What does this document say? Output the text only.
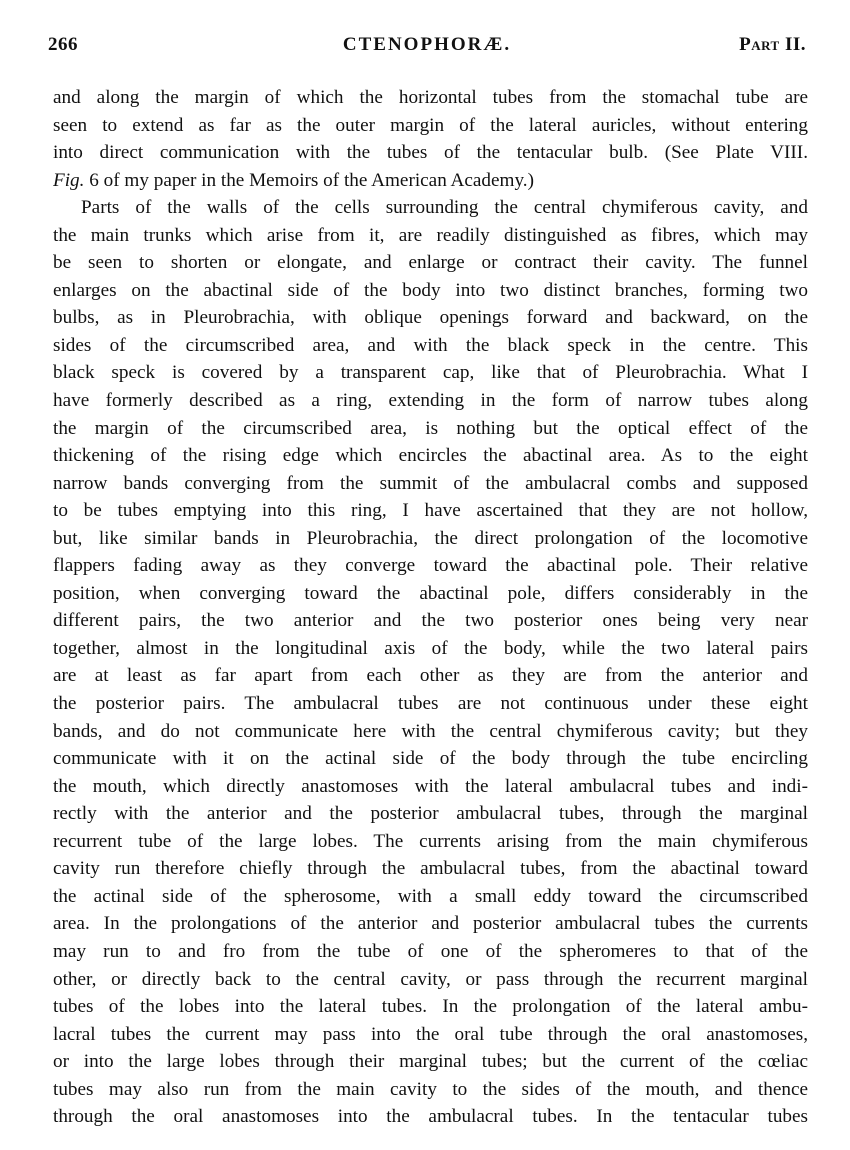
266	CTENOPHORÆ.	Part II.
and along the margin of which the horizontal tubes from the stomachal tube are
seen to extend as far as the outer margin of the lateral auricles, without entering
into direct communication with the tubes of the tentacular bulb. (See Plate VIII.
Fig. 6 of my paper in the Memoirs of the American Academy.)
Parts of the walls of the cells surrounding the central chymiferous cavity, and
the main trunks which arise from it, are readily distinguished as fibres, which may
be seen to shorten or elongate, and enlarge or contract their cavity. The funnel
enlarges on the abactinal side of the body into two distinct branches, forming two
bulbs, as in Pleurobrachia, with oblique openings forward and backward, on the
sides of the circumscribed area, and with the black speck in the centre. This
black speck is covered by a transparent cap, like that of Pleurobrachia. What I
have formerly described as a ring, extending in the form of narrow tubes along
the margin of the circumscribed area, is nothing but the optical effect of the
thickening of the rising edge which encircles the abactinal area. As to the eight
narrow bands converging from the summit of the ambulacral combs and supposed
to be tubes emptying into this ring, I have ascertained that they are not hollow,
but, like similar bands in Pleurobrachia, the direct prolongation of the locomotive
flappers fading away as they converge toward the abactinal pole. Their relative
position, when converging toward the abactinal pole, differs considerably in the
different pairs, the two anterior and the two posterior ones being very near
together, almost in the longitudinal axis of the body, while the two lateral pairs
are at least as far apart from each other as they are from the anterior and
the posterior pairs. The ambulacral tubes are not continuous under these eight
bands, and do not communicate here with the central chymiferous cavity; but they
communicate with it on the actinal side of the body through the tube encircling
the mouth, which directly anastomoses with the lateral ambulacral tubes and indi-
rectly with the anterior and the posterior ambulacral tubes, through the marginal
recurrent tube of the large lobes. The currents arising from the main chymiferous
cavity run therefore chiefly through the ambulacral tubes, from the abactinal toward
the actinal side of the spherosome, with a small eddy toward the circumscribed
area. In the prolongations of the anterior and posterior ambulacral tubes the currents
may run to and fro from the tube of one of the spheromeres to that of the
other, or directly back to the central cavity, or pass through the recurrent marginal
tubes of the lobes into the lateral tubes. In the prolongation of the lateral ambu-
lacral tubes the current may pass into the oral tube through the oral anastomoses,
or into the large lobes through their marginal tubes; but the current of the cœliac
tubes may also run from the main cavity to the sides of the mouth, and thence
through the oral anastomoses into the ambulacral tubes. In the tentacular tubes
